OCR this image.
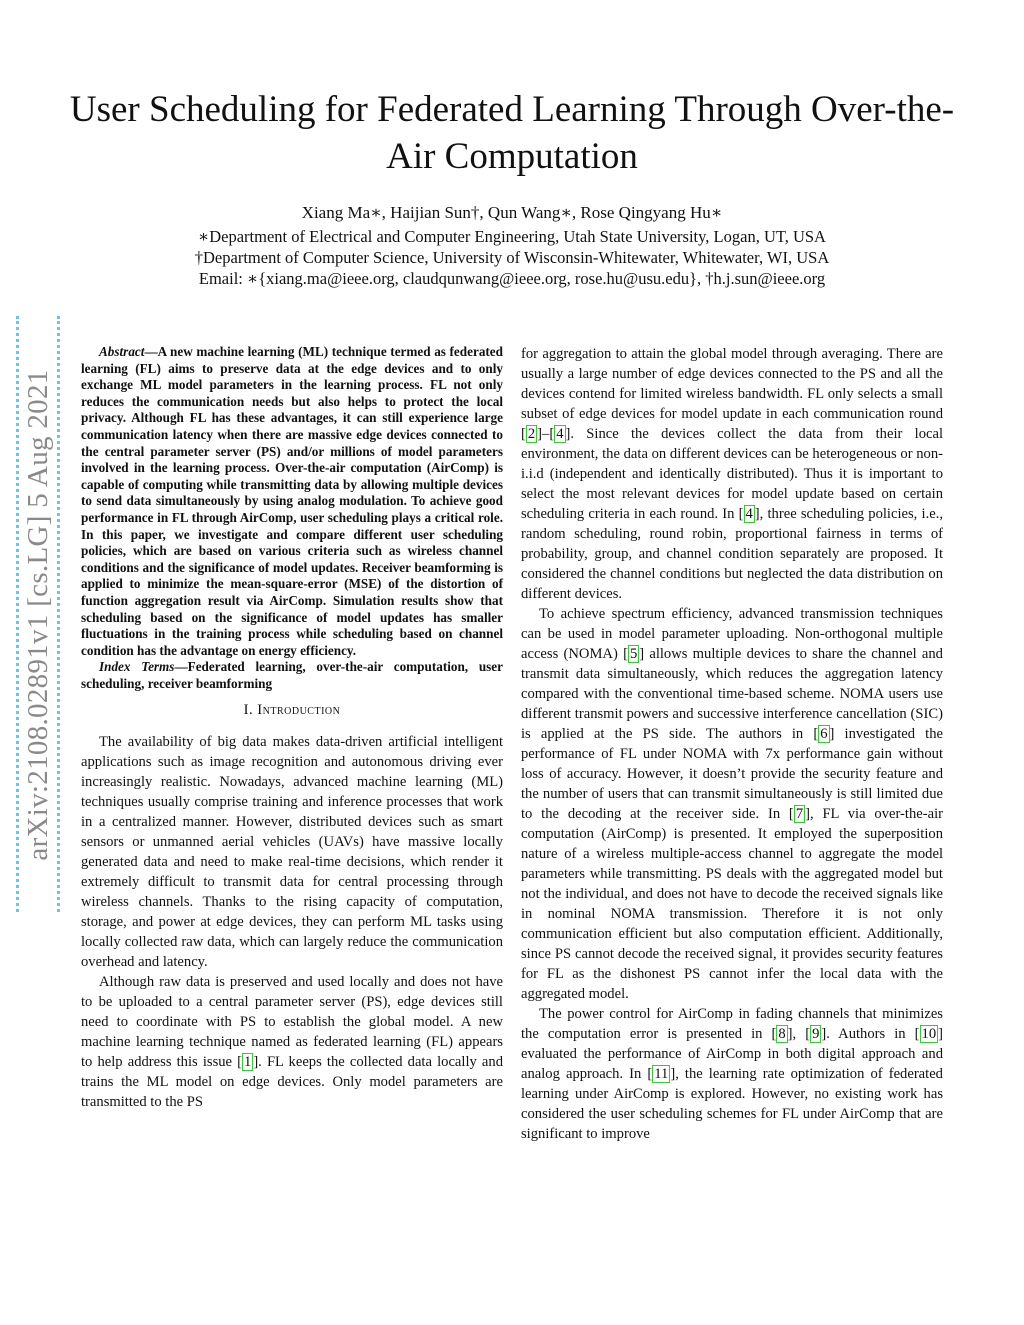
User Scheduling for Federated Learning Through Over-the-Air Computation
Xiang Ma∗, Haijian Sun†, Qun Wang∗, Rose Qingyang Hu∗
∗Department of Electrical and Computer Engineering, Utah State University, Logan, UT, USA
†Department of Computer Science, University of Wisconsin-Whitewater, Whitewater, WI, USA
Email: ∗{xiang.ma@ieee.org, claudqunwang@ieee.org, rose.hu@usu.edu}, †h.j.sun@ieee.org
arXiv:2108.02891v1 [cs.LG] 5 Aug 2021

Abstract—A new machine learning (ML) technique termed as federated learning (FL) aims to preserve data at the edge devices and to only exchange ML model parameters in the learning process. FL not only reduces the communication needs but also helps to protect the local privacy. Although FL has these advantages, it can still experience large communication latency when there are massive edge devices connected to the central parameter server (PS) and/or millions of model parameters involved in the learning process. Over-the-air computation (AirComp) is capable of computing while transmitting data by allowing multiple devices to send data simultaneously by using analog modulation. To achieve good performance in FL through AirComp, user scheduling plays a critical role. In this paper, we investigate and compare different user scheduling policies, which are based on various criteria such as wireless channel conditions and the significance of model updates. Receiver beamforming is applied to minimize the mean-square-error (MSE) of the distortion of function aggregation result via AirComp. Simulation results show that scheduling based on the significance of model updates has smaller fluctuations in the training process while scheduling based on channel condition has the advantage on energy efficiency.

Index Terms—Federated learning, over-the-air computation, user scheduling, receiver beamforming

I. Introduction

The availability of big data makes data-driven artificial intelligent applications such as image recognition and autonomous driving ever increasingly realistic. Nowadays, advanced machine learning (ML) techniques usually comprise training and inference processes that work in a centralized manner. However, distributed devices such as smart sensors or unmanned aerial vehicles (UAVs) have massive locally generated data and need to make real-time decisions, which render it extremely difficult to transmit data for central processing through wireless channels. Thanks to the rising capacity of computation, storage, and power at edge devices, they can perform ML tasks using locally collected raw data, which can largely reduce the communication overhead and latency.

Although raw data is preserved and used locally and does not have to be uploaded to a central parameter server (PS), edge devices still need to coordinate with PS to establish the global model. A new machine learning technique named as federated learning (FL) appears to help address this issue [ 1 ]. FL keeps the collected data locally and trains the ML model on edge devices. Only model parameters are transmitted to the PS

for aggregation to attain the global model through averaging. There are usually a large number of edge devices connected to the PS and all the devices contend for limited wireless bandwidth. FL only selects a small subset of edge devices for model update in each communication round [ 2 ]–[ 4 ]. Since the devices collect the data from their local environment, the data on different devices can be heterogeneous or non-i.i.d (independent and identically distributed). Thus it is important to select the most relevant devices for model update based on certain scheduling criteria in each round. In [ 4 ], three scheduling policies, i.e., random scheduling, round robin, proportional fairness in terms of probability, group, and channel condition separately are proposed. It considered the channel conditions but neglected the data distribution on different devices.

To achieve spectrum efficiency, advanced transmission techniques can be used in model parameter uploading. Non-orthogonal multiple access (NOMA) [ 5 ] allows multiple devices to share the channel and transmit data simultaneously, which reduces the aggregation latency compared with the conventional time-based scheme. NOMA users use different transmit powers and successive interference cancellation (SIC) is applied at the PS side. The authors in [ 6 ] investigated the performance of FL under NOMA with 7x performance gain without loss of accuracy. However, it doesn’t provide the security feature and the number of users that can transmit simultaneously is still limited due to the decoding at the receiver side. In [ 7 ], FL via over-the-air computation (AirComp) is presented. It employed the superposition nature of a wireless multiple-access channel to aggregate the model parameters while transmitting. PS deals with the aggregated model but not the individual, and does not have to decode the received signals like in nominal NOMA transmission. Therefore it is not only communication efficient but also computation efficient. Additionally, since PS cannot decode the received signal, it provides security features for FL as the dishonest PS cannot infer the local data with the aggregated model.

The power control for AirComp in fading channels that minimizes the computation error is presented in [ 8 ], [ 9 ]. Authors in [ 10 ] evaluated the performance of AirComp in both digital approach and analog approach. In [ 11 ], the learning rate optimization of federated learning under AirComp is explored. However, no existing work has considered the user scheduling schemes for FL under AirComp that are significant to improve
